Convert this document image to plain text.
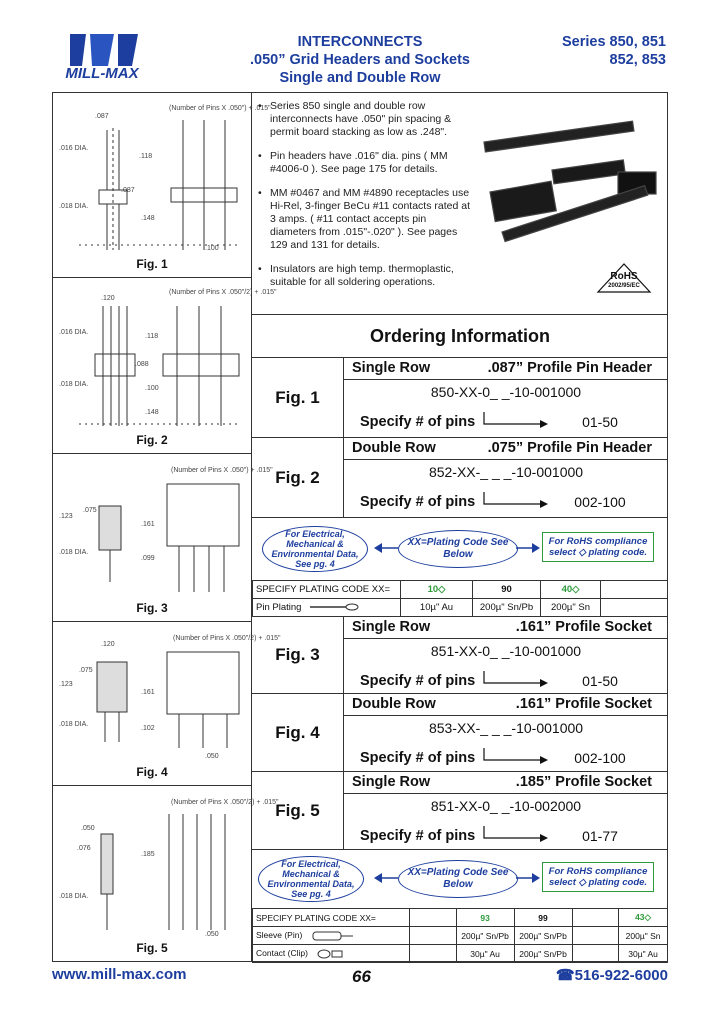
MILL-MAX
INTERCONNECTS
.050” Grid Headers and Sockets
Single and Double Row
Series 850, 851
852, 853
(Number of Pins X .050") + .015"
.087
.016 DIA.
.018 DIA.
.118
.087
.148
.100
Fig. 1
(Number of Pins X .050"/2) + .015"
.120
.016 DIA.
.018 DIA.
.118
.088
.100
.148
Fig. 2
(Number of Pins X .050") + .015"
.075
.123
.018 DIA.
.161
.099
Fig. 3
(Number of Pins X .050"/2) + .015"
.120
.075
.123
.018 DIA.
.161
.102
.050
Fig. 4
(Number of Pins X .050"/2) + .015"
.050
.076
.185
.018 DIA.
.050
Fig. 5
• Series 850 single and double row interconnects have .050" pin spacing & permit board stacking as low as .248".
• Pin headers have .016" dia. pins ( MM #4006-0 ). See page 175 for details.
• MM #0467 and MM #4890 receptacles use Hi-Rel, 3-finger BeCu #11 contacts rated at 3 amps. ( #11 contact accepts pin diameters from .015"-.020" ). See pages 129 and 131 for details.
• Insulators are high temp. thermoplastic, suitable for all soldering operations.	RoHS
2002/95/EC
Ordering Information
Fig. 1
Single Row	.087” Profile Pin Header
850-XX-0_ _-10-001000
Specify # of pins	01-50
Fig. 2
Double Row	.075” Profile Pin Header
852-XX-_ _ _-10-001000
Specify # of pins	002-100
For Electrical, Mechanical & Environmental Data, See pg. 4
XX=Plating Code See Below
For RoHS compliance select ◇ plating code.
SPECIFY PLATING CODE XX=	10◇	90	40◇	
Pin Plating	10µ" Au	200µ" Sn/Pb	200µ" Sn	
Fig. 3
Single Row	.161” Profile Socket
851-XX-0_ _-10-001000
Specify # of pins	01-50
Fig. 4
Double Row	.161” Profile Socket
853-XX-_ _ _-10-001000
Specify # of pins	002-100
Fig. 5
Single Row	.185” Profile Socket
851-XX-0_ _-10-002000
Specify # of pins	01-77
For Electrical, Mechanical & Environmental Data, See pg. 4
XX=Plating Code See Below
For RoHS compliance select ◇ plating code.
SPECIFY PLATING CODE XX=		93	99		43◇
Sleeve (Pin)		200µ" Sn/Pb	200µ" Sn/Pb		200µ" Sn
Contact (Clip)		30µ" Au	200µ" Sn/Pb		30µ" Au
www.mill-max.com	66	☎516-922-6000
